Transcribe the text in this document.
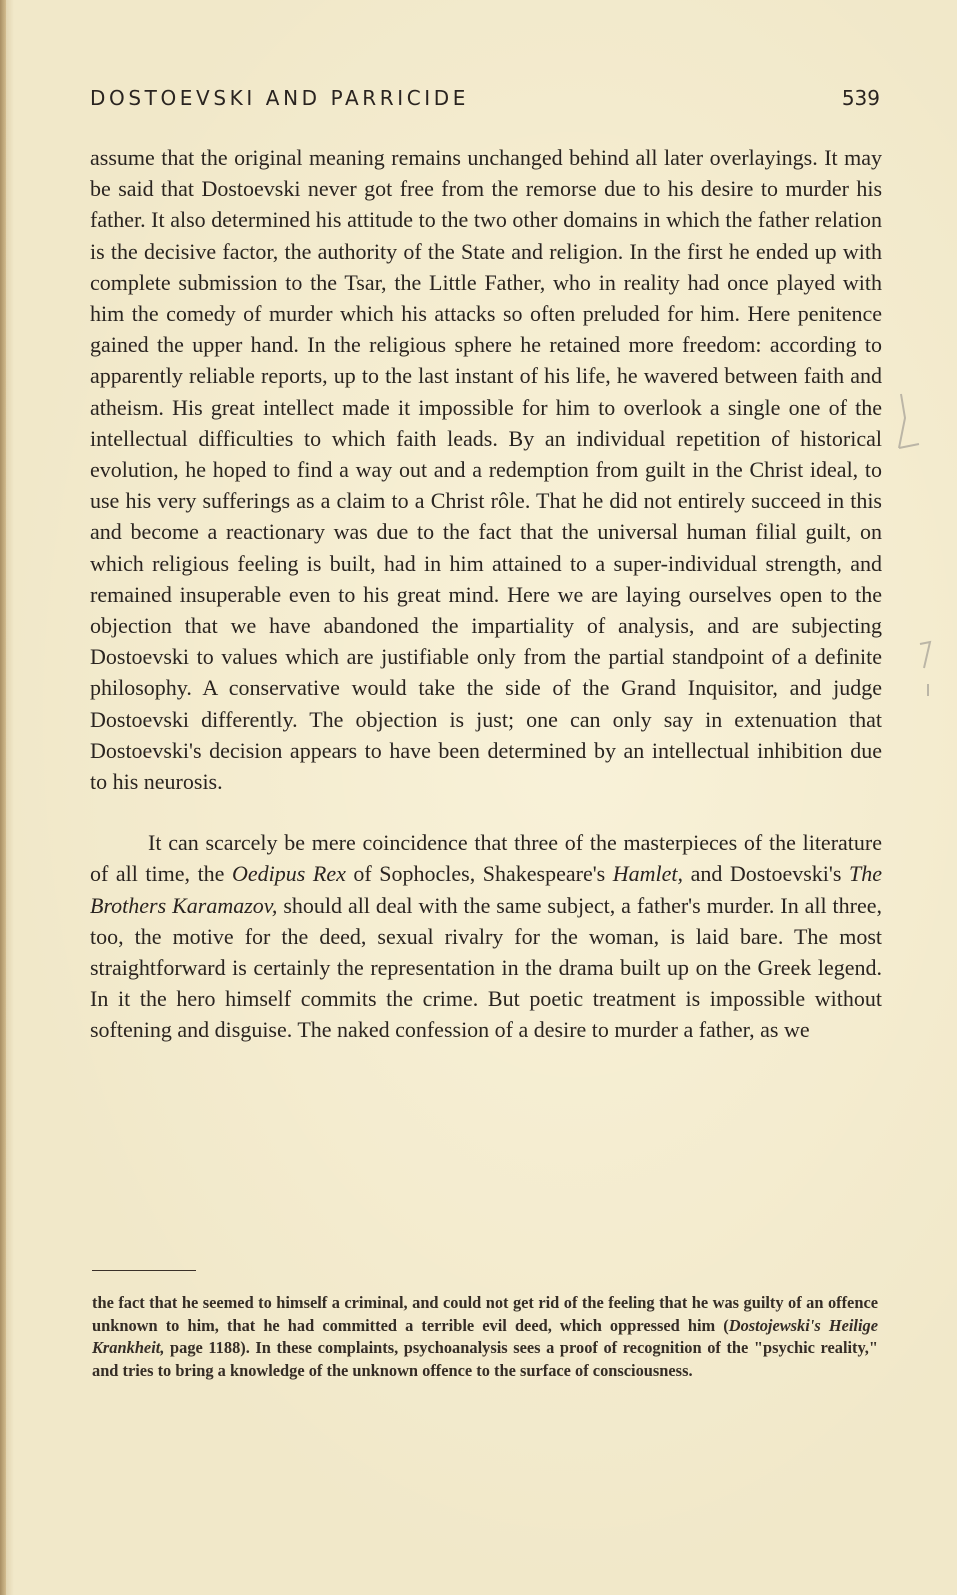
DOSTOEVSKI AND PARRICIDE	539

assume that the original meaning remains unchanged behind all later overlayings. It may be said that Dostoevski never got free from the remorse due to his desire to murder his father. It also determined his attitude to the two other domains in which the father relation is the decisive factor, the authority of the State and religion. In the first he ended up with complete submission to the Tsar, the Little Father, who in reality had once played with him the comedy of murder which his attacks so often preluded for him. Here penitence gained the upper hand. In the religious sphere he retained more freedom: according to apparently reliable reports, up to the last instant of his life, he wavered between faith and atheism. His great intellect made it impossible for him to overlook a single one of the intellectual difficulties to which faith leads. By an individual repetition of historical evolution, he hoped to find a way out and a redemption from guilt in the Christ ideal, to use his very sufferings as a claim to a Christ rôle. That he did not entirely succeed in this and become a reactionary was due to the fact that the universal human filial guilt, on which religious feeling is built, had in him attained to a super-individual strength, and remained insuperable even to his great mind. Here we are laying ourselves open to the objection that we have abandoned the impartiality of analysis, and are subjecting Dostoevski to values which are justifiable only from the partial standpoint of a definite philosophy. A conservative would take the side of the Grand Inquisitor, and judge Dostoevski differently. The objection is just; one can only say in extenuation that Dostoevski's decision appears to have been determined by an intellectual inhibition due to his neurosis.

It can scarcely be mere coincidence that three of the masterpieces of the literature of all time, the Oedipus Rex of Sophocles, Shakespeare's Hamlet, and Dostoevski's The Brothers Karamazov, should all deal with the same subject, a father's murder. In all three, too, the motive for the deed, sexual rivalry for the woman, is laid bare. The most straightforward is certainly the representation in the drama built up on the Greek legend. In it the hero himself commits the crime. But poetic treatment is impossible without softening and disguise. The naked confession of a desire to murder a father, as we

the fact that he seemed to himself a criminal, and could not get rid of the feeling that he was guilty of an offence unknown to him, that he had committed a terrible evil deed, which oppressed him (Dostojewski's Heilige Krankheit, page 1188). In these complaints, psychoanalysis sees a proof of recognition of the "psychic reality," and tries to bring a knowledge of the unknown offence to the surface of consciousness.
